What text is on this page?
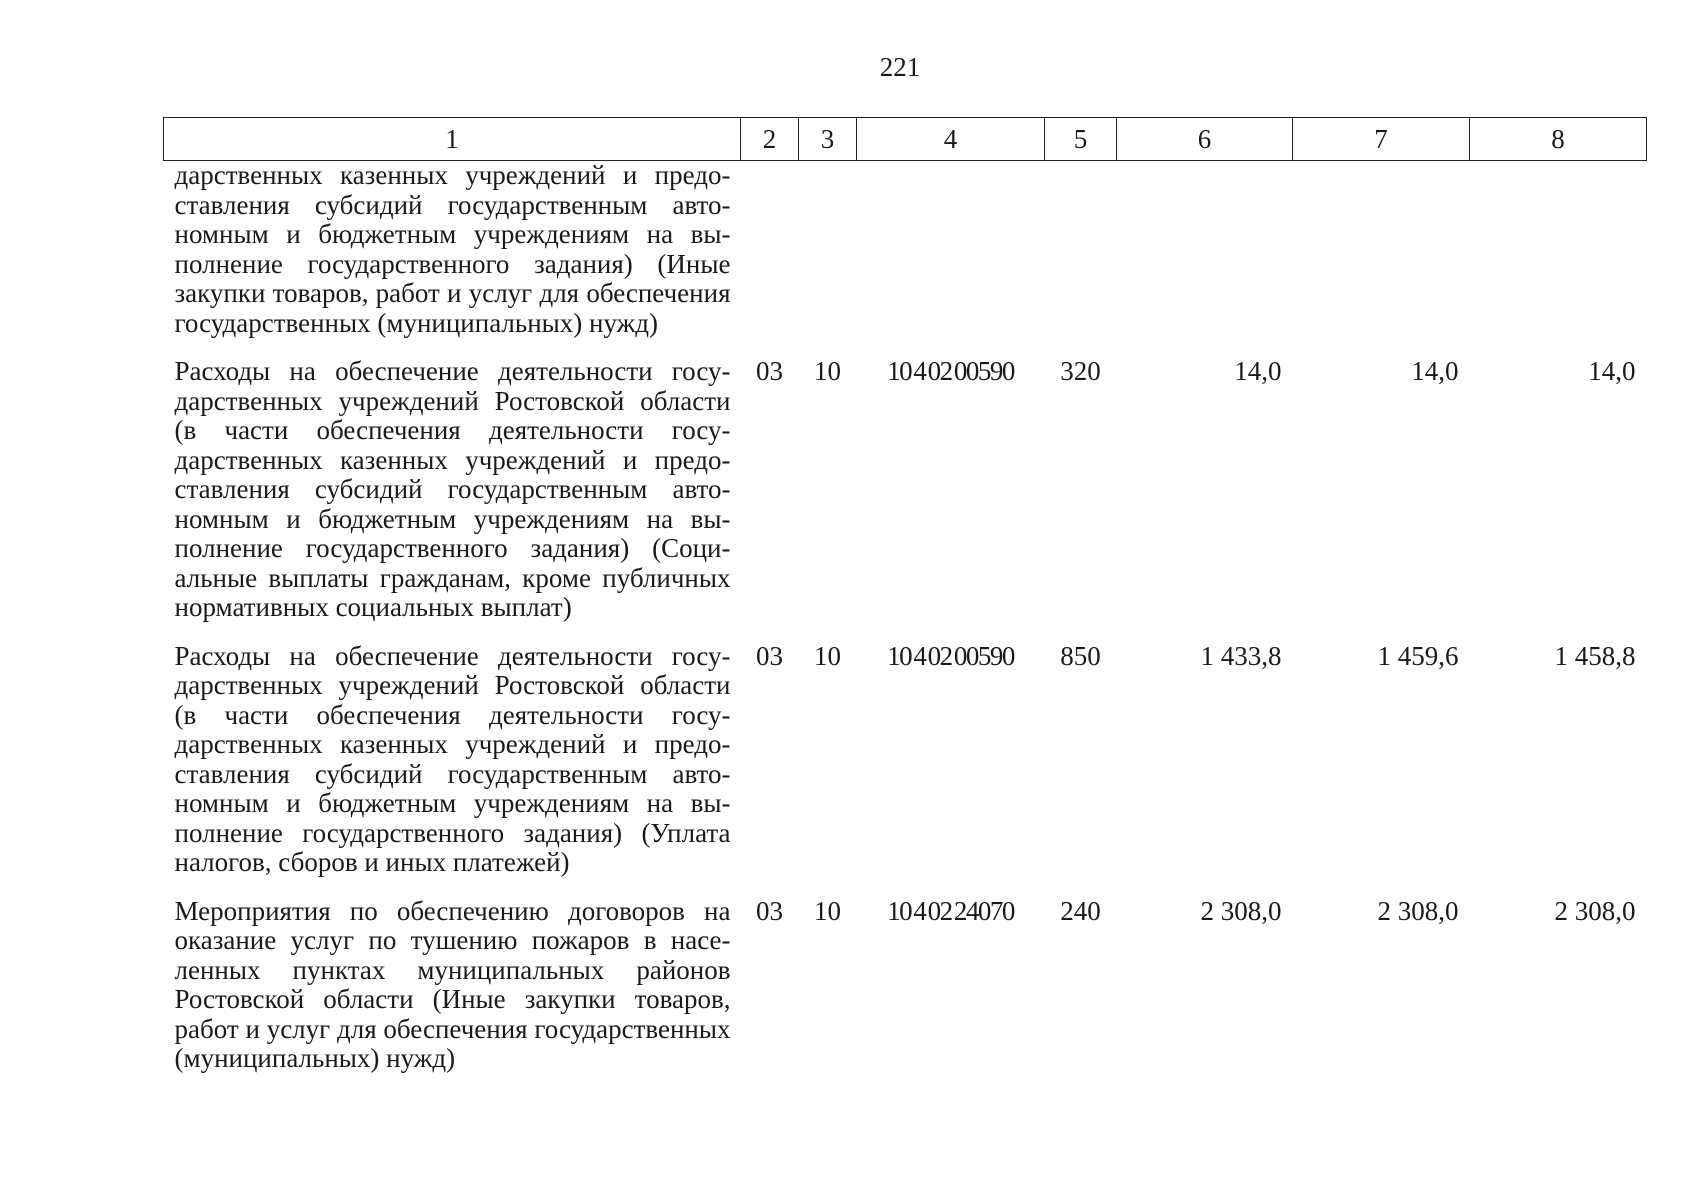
221
1	2	3	4	5	6	7	8
дарственных казенных учреждений и предоставления субсидий государственным автономным и бюджетным учреждениям на выполнение государственного задания) (Иные закупки товаров, работ и услуг для обеспечения государственных (муниципальных) нужд)							
Расходы на обеспечение деятельности государственных учреждений Ростовской области (в части обеспечения деятельности государственных казенных учреждений и предоставления субсидий государственным автономным и бюджетным учреждениям на выполнение государственного задания) (Социальные выплаты гражданам, кроме публичных нормативных социальных выплат)	03	10	10 4 02 00590	320	14,0	14,0	14,0
Расходы на обеспечение деятельности государственных учреждений Ростовской области (в части обеспечения деятельности государственных казенных учреждений и предоставления субсидий государственным автономным и бюджетным учреждениям на выполнение государственного задания) (Уплата налогов, сборов и иных платежей)	03	10	10 4 02 00590	850	1 433,8	1 459,6	1 458,8
Мероприятия по обеспечению договоров на оказание услуг по тушению пожаров в населенных пунктах муниципальных районов Ростовской области (Иные закупки товаров, работ и услуг для обеспечения государственных (муниципальных) нужд)	03	10	10 4 02 24070	240	2 308,0	2 308,0	2 308,0
